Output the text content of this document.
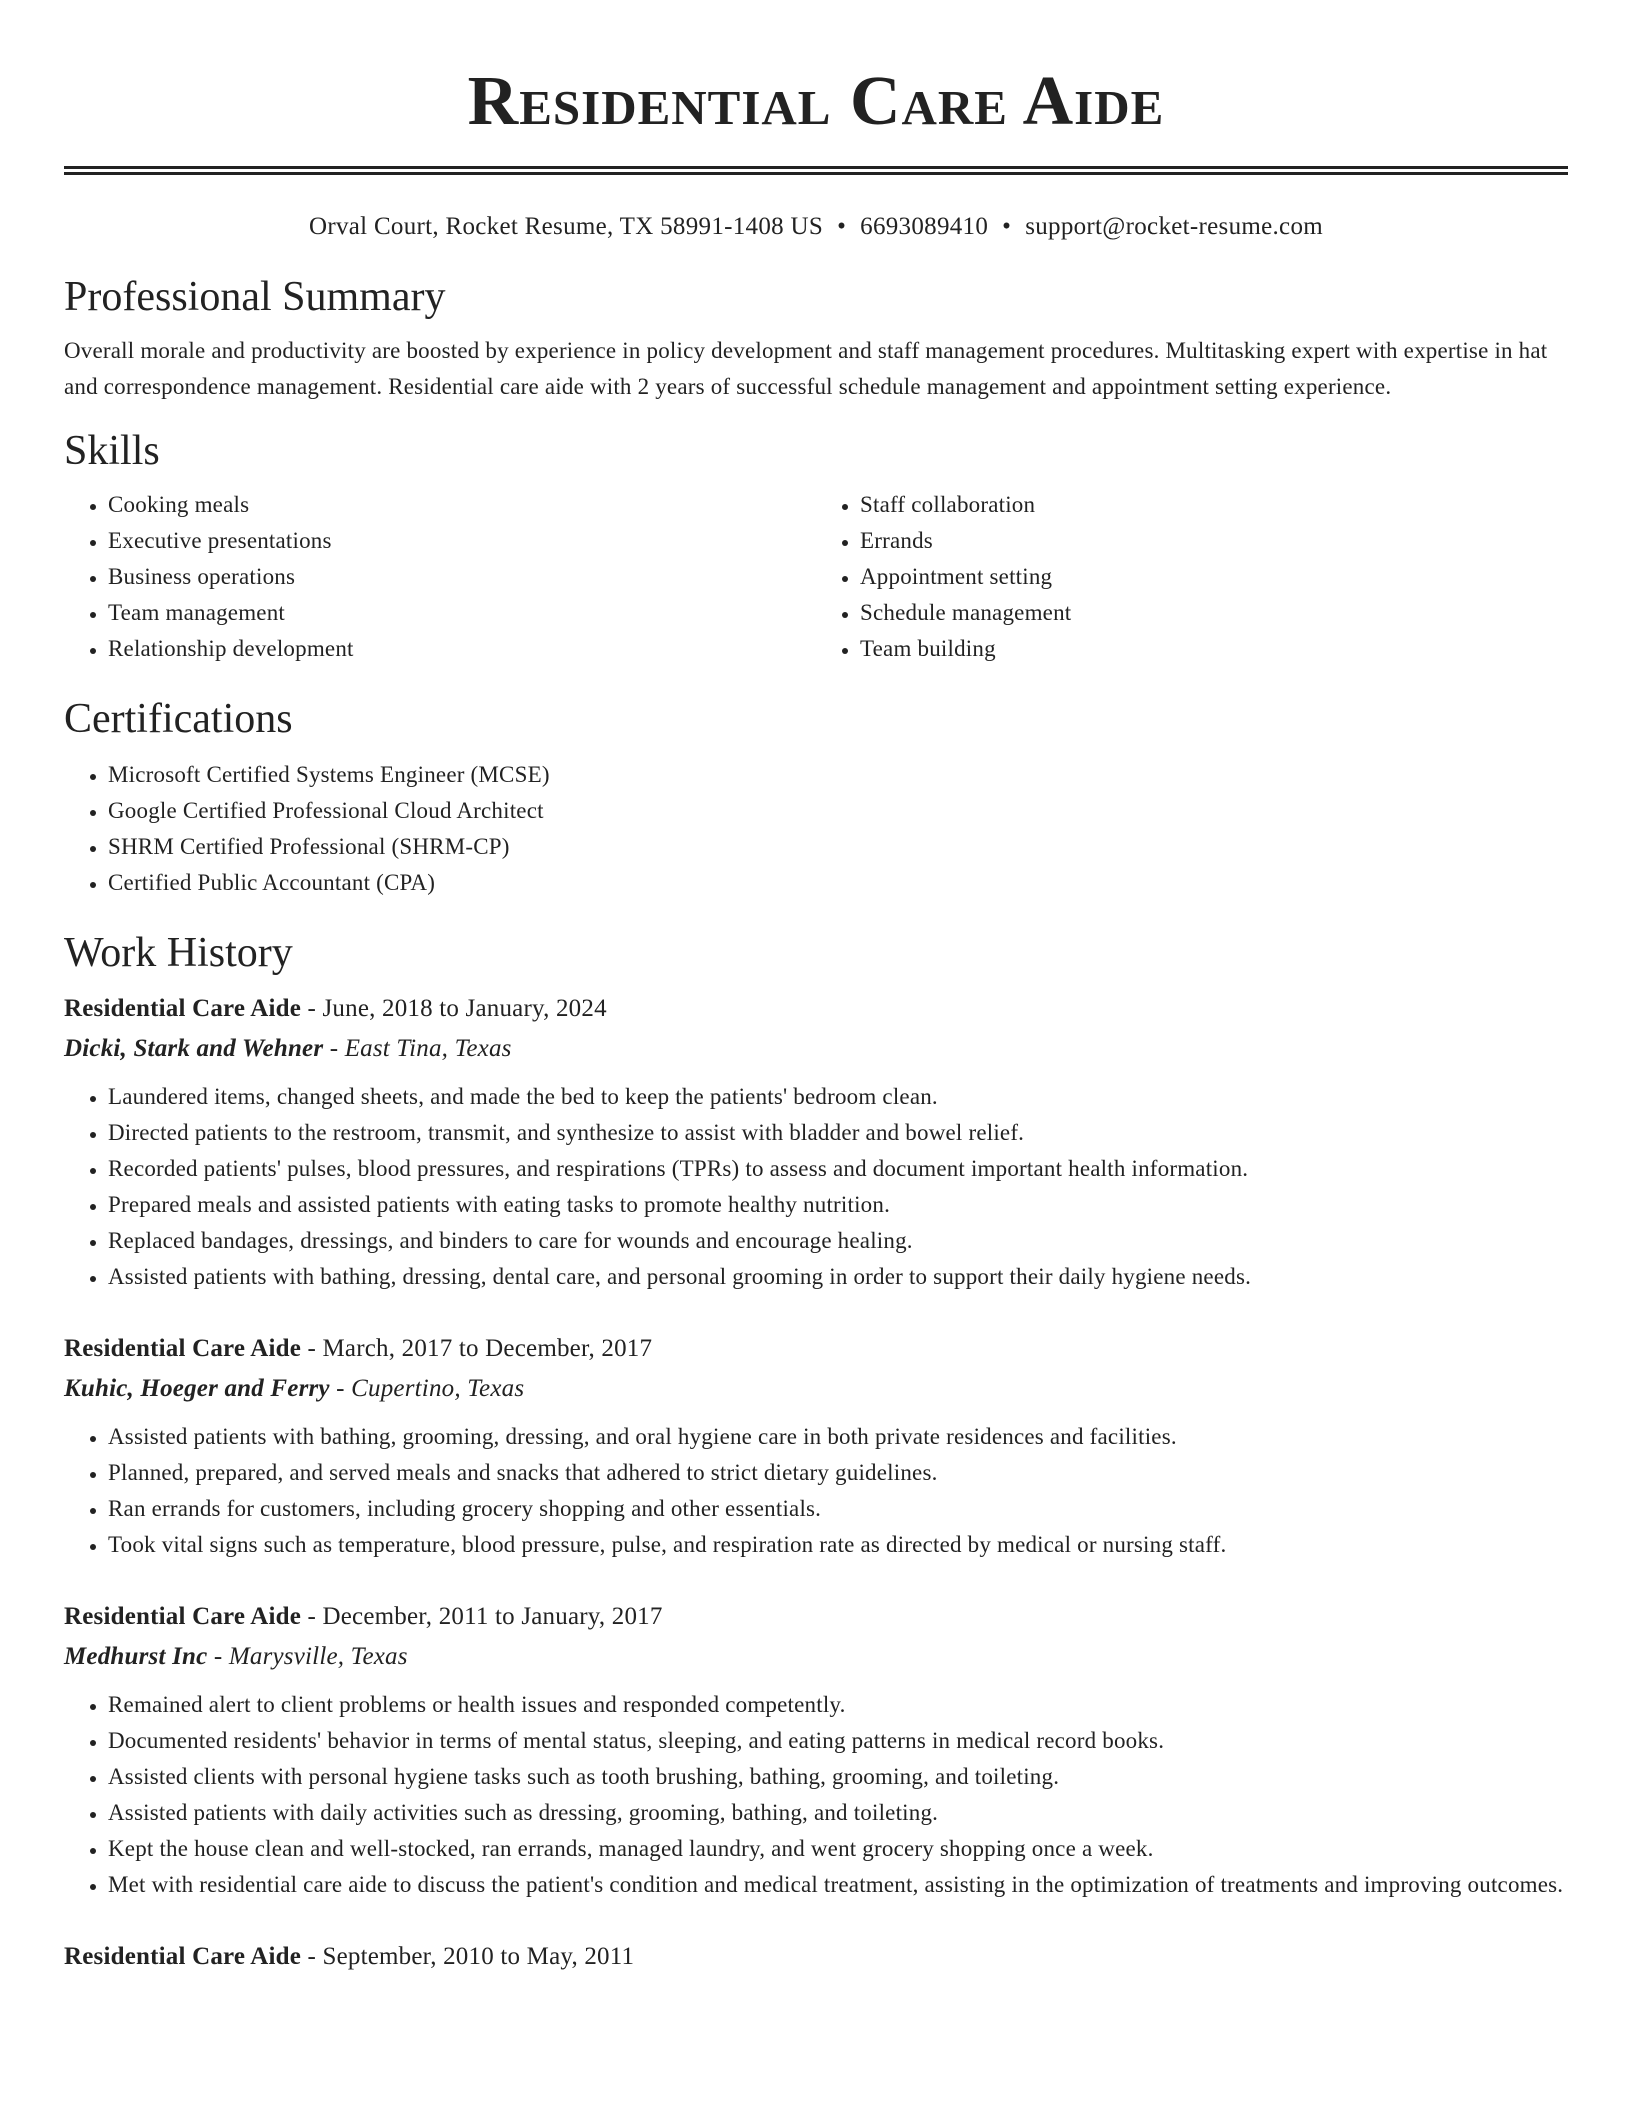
Residential Care Aide
Orval Court, Rocket Resume, TX 58991-1408 US • 6693089410 • support@rocket-resume.com
Professional Summary

Overall morale and productivity are boosted by experience in policy development and staff management procedures. Multitasking expert with expertise in hat and correspondence management. Residential care aide with 2 years of successful schedule management and appointment setting experience.

Skills
• Cooking meals
• Executive presentations
• Business operations
• Team management
• Relationship development
• Staff collaboration
• Errands
• Appointment setting
• Schedule management
• Team building
Certifications
• Microsoft Certified Systems Engineer (MCSE)
• Google Certified Professional Cloud Architect
• SHRM Certified Professional (SHRM-CP)
• Certified Public Accountant (CPA)
Work History
Residential Care Aide - June, 2018 to January, 2024
Dicki, Stark and Wehner - East Tina, Texas
• Laundered items, changed sheets, and made the bed to keep the patients' bedroom clean.
• Directed patients to the restroom, transmit, and synthesize to assist with bladder and bowel relief.
• Recorded patients' pulses, blood pressures, and respirations (TPRs) to assess and document important health information.
• Prepared meals and assisted patients with eating tasks to promote healthy nutrition.
• Replaced bandages, dressings, and binders to care for wounds and encourage healing.
• Assisted patients with bathing, dressing, dental care, and personal grooming in order to support their daily hygiene needs.
Residential Care Aide - March, 2017 to December, 2017
Kuhic, Hoeger and Ferry - Cupertino, Texas
• Assisted patients with bathing, grooming, dressing, and oral hygiene care in both private residences and facilities.
• Planned, prepared, and served meals and snacks that adhered to strict dietary guidelines.
• Ran errands for customers, including grocery shopping and other essentials.
• Took vital signs such as temperature, blood pressure, pulse, and respiration rate as directed by medical or nursing staff.
Residential Care Aide - December, 2011 to January, 2017
Medhurst Inc - Marysville, Texas
• Remained alert to client problems or health issues and responded competently.
• Documented residents' behavior in terms of mental status, sleeping, and eating patterns in medical record books.
• Assisted clients with personal hygiene tasks such as tooth brushing, bathing, grooming, and toileting.
• Assisted patients with daily activities such as dressing, grooming, bathing, and toileting.
• Kept the house clean and well-stocked, ran errands, managed laundry, and went grocery shopping once a week.
• Met with residential care aide to discuss the patient's condition and medical treatment, assisting in the optimization of treatments and improving outcomes.
Residential Care Aide - September, 2010 to May, 2011
